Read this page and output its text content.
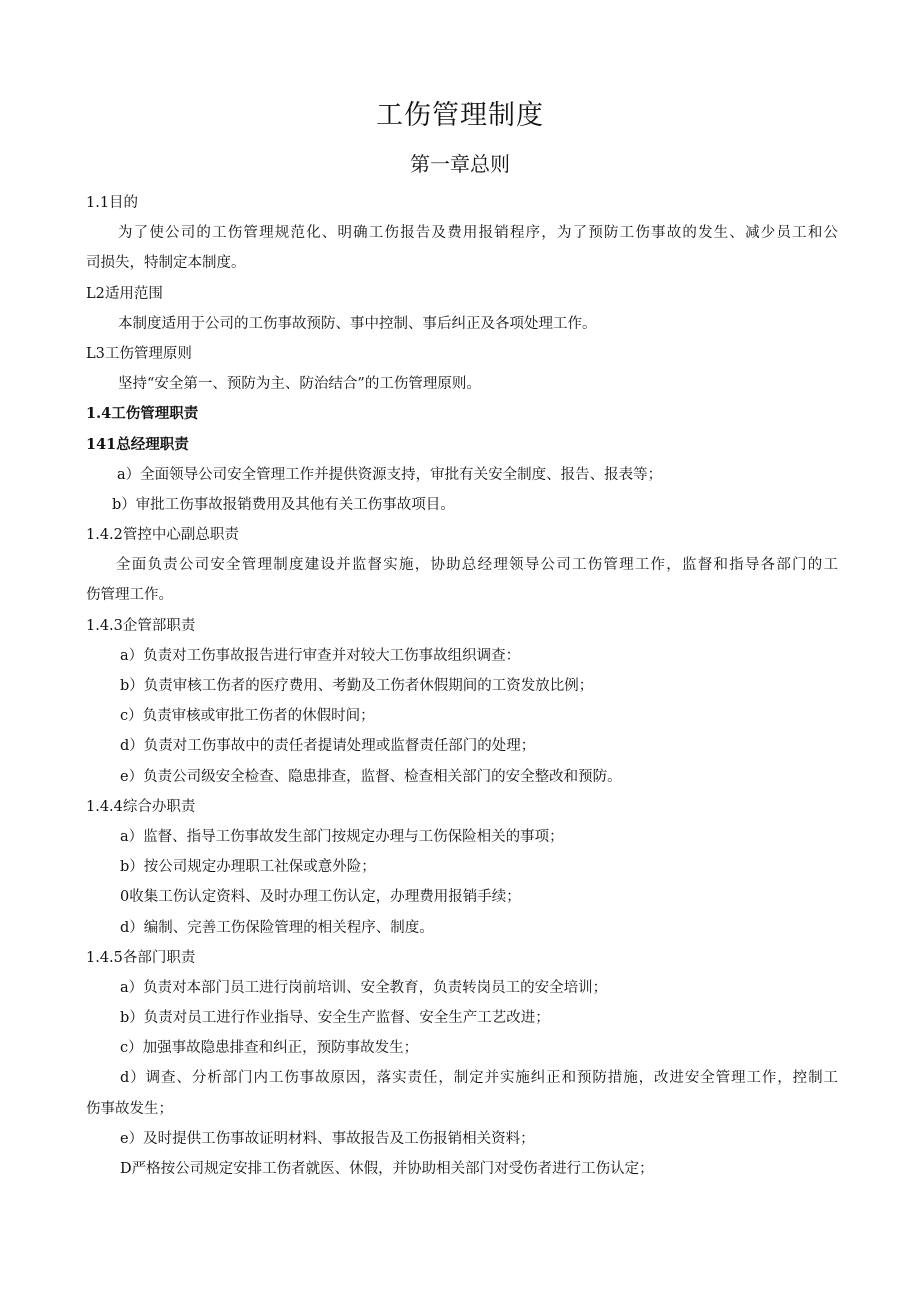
工伤管理制度
第一章总则
1.1目的
为了使公司的工伤管理规范化、明确工伤报告及费用报销程序，为了预防工伤事故的发生、减少员工和公
司损失，特制定本制度。
L2适用范围
本制度适用于公司的工伤事故预防、事中控制、事后纠正及各项处理工作。
L3工伤管理原则
坚持“安全第一、预防为主、防治结合”的工伤管理原则。
1.4工伤管理职责
141总经理职责
a）全面领导公司安全管理工作并提供资源支持，审批有关安全制度、报告、报表等；
b）审批工伤事故报销费用及其他有关工伤事故项目。
1.4.2管控中心副总职责
全面负责公司安全管理制度建设并监督实施，协助总经理领导公司工伤管理工作，监督和指导各部门的工
伤管理工作。
1.4.3企管部职责
a）负责对工伤事故报告进行审查并对较大工伤事故组织调查：
b）负责审核工伤者的医疗费用、考勤及工伤者休假期间的工资发放比例；
c）负责审核或审批工伤者的休假时间；
d）负责对工伤事故中的责任者提请处理或监督责任部门的处理；
e）负责公司级安全检查、隐患排查，监督、检查相关部门的安全整改和预防。
1.4.4综合办职责
a）监督、指导工伤事故发生部门按规定办理与工伤保险相关的事项；
b）按公司规定办理职工社保或意外险；
0收集工伤认定资料、及时办理工伤认定，办理费用报销手续；
d）编制、完善工伤保险管理的相关程序、制度。
1.4.5各部门职责
a）负责对本部门员工进行岗前培训、安全教育，负责转岗员工的安全培训；
b）负责对员工进行作业指导、安全生产监督、安全生产工艺改进；
c）加强事故隐患排查和纠正，预防事故发生；
d）调查、分析部门内工伤事故原因，落实责任，制定并实施纠正和预防措施，改进安全管理工作，控制工
伤事故发生；
e）及时提供工伤事故证明材料、事故报告及工伤报销相关资料；
D严格按公司规定安排工伤者就医、休假，并协助相关部门对受伤者进行工伤认定；
